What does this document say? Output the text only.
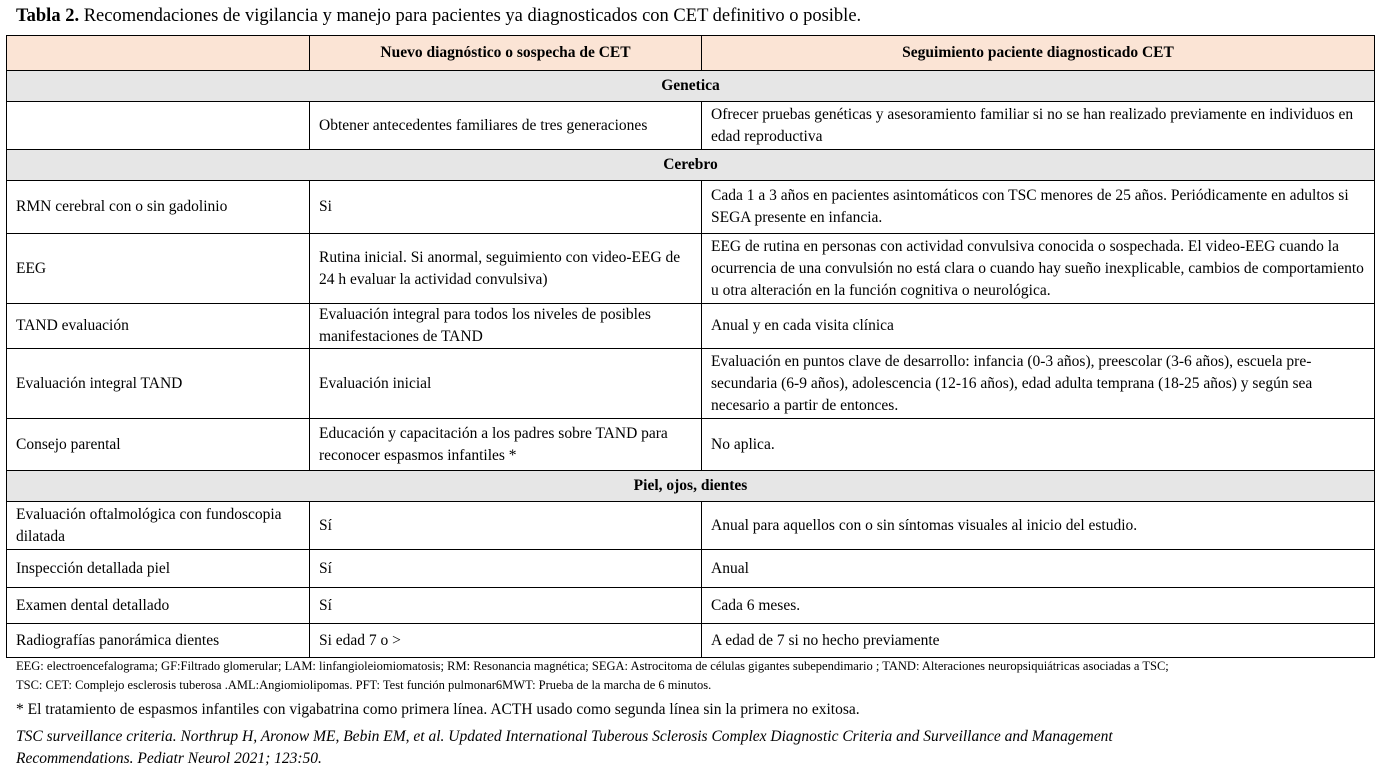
Tabla 2. Recomendaciones de vigilancia y manejo para pacientes ya diagnosticados con CET definitivo o posible.
	Nuevo diagnóstico o sospecha de CET	Seguimiento paciente diagnosticado CET
Genetica		
	Obtener antecedentes familiares de tres generaciones	Ofrecer pruebas genéticas y asesoramiento familiar si no se han realizado previamente en individuos en edad reproductiva
Cerebro		
RMN cerebral con o sin gadolinio	Si	Cada 1 a 3 años en pacientes asintomáticos con TSC menores de 25 años. Periódicamente en adultos si SEGA presente en infancia.
EEG	Rutina inicial. Si anormal, seguimiento con video-EEG de 24 h evaluar la actividad convulsiva)	EEG de rutina en personas con actividad convulsiva conocida o sospechada. El video-EEG cuando la ocurrencia de una convulsión no está clara o cuando hay sueño inexplicable, cambios de comportamiento u otra alteración en la función cognitiva o neurológica.
TAND evaluación	Evaluación integral para todos los niveles de posibles manifestaciones de TAND	Anual y en cada visita clínica
Evaluación integral TAND	Evaluación inicial	Evaluación en puntos clave de desarrollo: infancia (0-3 años), preescolar (3-6 años), escuela pre-secundaria (6-9 años), adolescencia (12-16 años), edad adulta temprana (18-25 años) y según sea necesario a partir de entonces.
Consejo parental	Educación y capacitación a los padres sobre TAND para reconocer espasmos infantiles *	No aplica.
Piel, ojos, dientes		
Evaluación oftalmológica con fundoscopia dilatada	Sí	Anual para aquellos con o sin síntomas visuales al inicio del estudio.
Inspección detallada piel	Sí	Anual
Examen dental detallado	Sí	Cada 6 meses.
Radiografías panorámica dientes	Si edad 7 o >	A edad de 7 si no hecho previamente
EEG: electroencefalograma; GF:Filtrado glomerular; LAM: linfangioleiomiomatosis; RM: Resonancia magnética; SEGA: Astrocitoma de células gigantes subependimario ; TAND: Alteraciones neuropsiquiátricas asociadas a TSC;
TSC: CET: Complejo esclerosis tuberosa .AML:Angiomiolipomas. PFT: Test función pulmonar6MWT: Prueba de la marcha de 6 minutos.
* El tratamiento de espasmos infantiles con vigabatrina como primera línea. ACTH usado como segunda línea sin la primera no exitosa.
TSC surveillance criteria. Northrup H, Aronow ME, Bebin EM, et al. Updated International Tuberous Sclerosis Complex Diagnostic Criteria and Surveillance and Management
Recommendations. Pediatr Neurol 2021; 123:50.
